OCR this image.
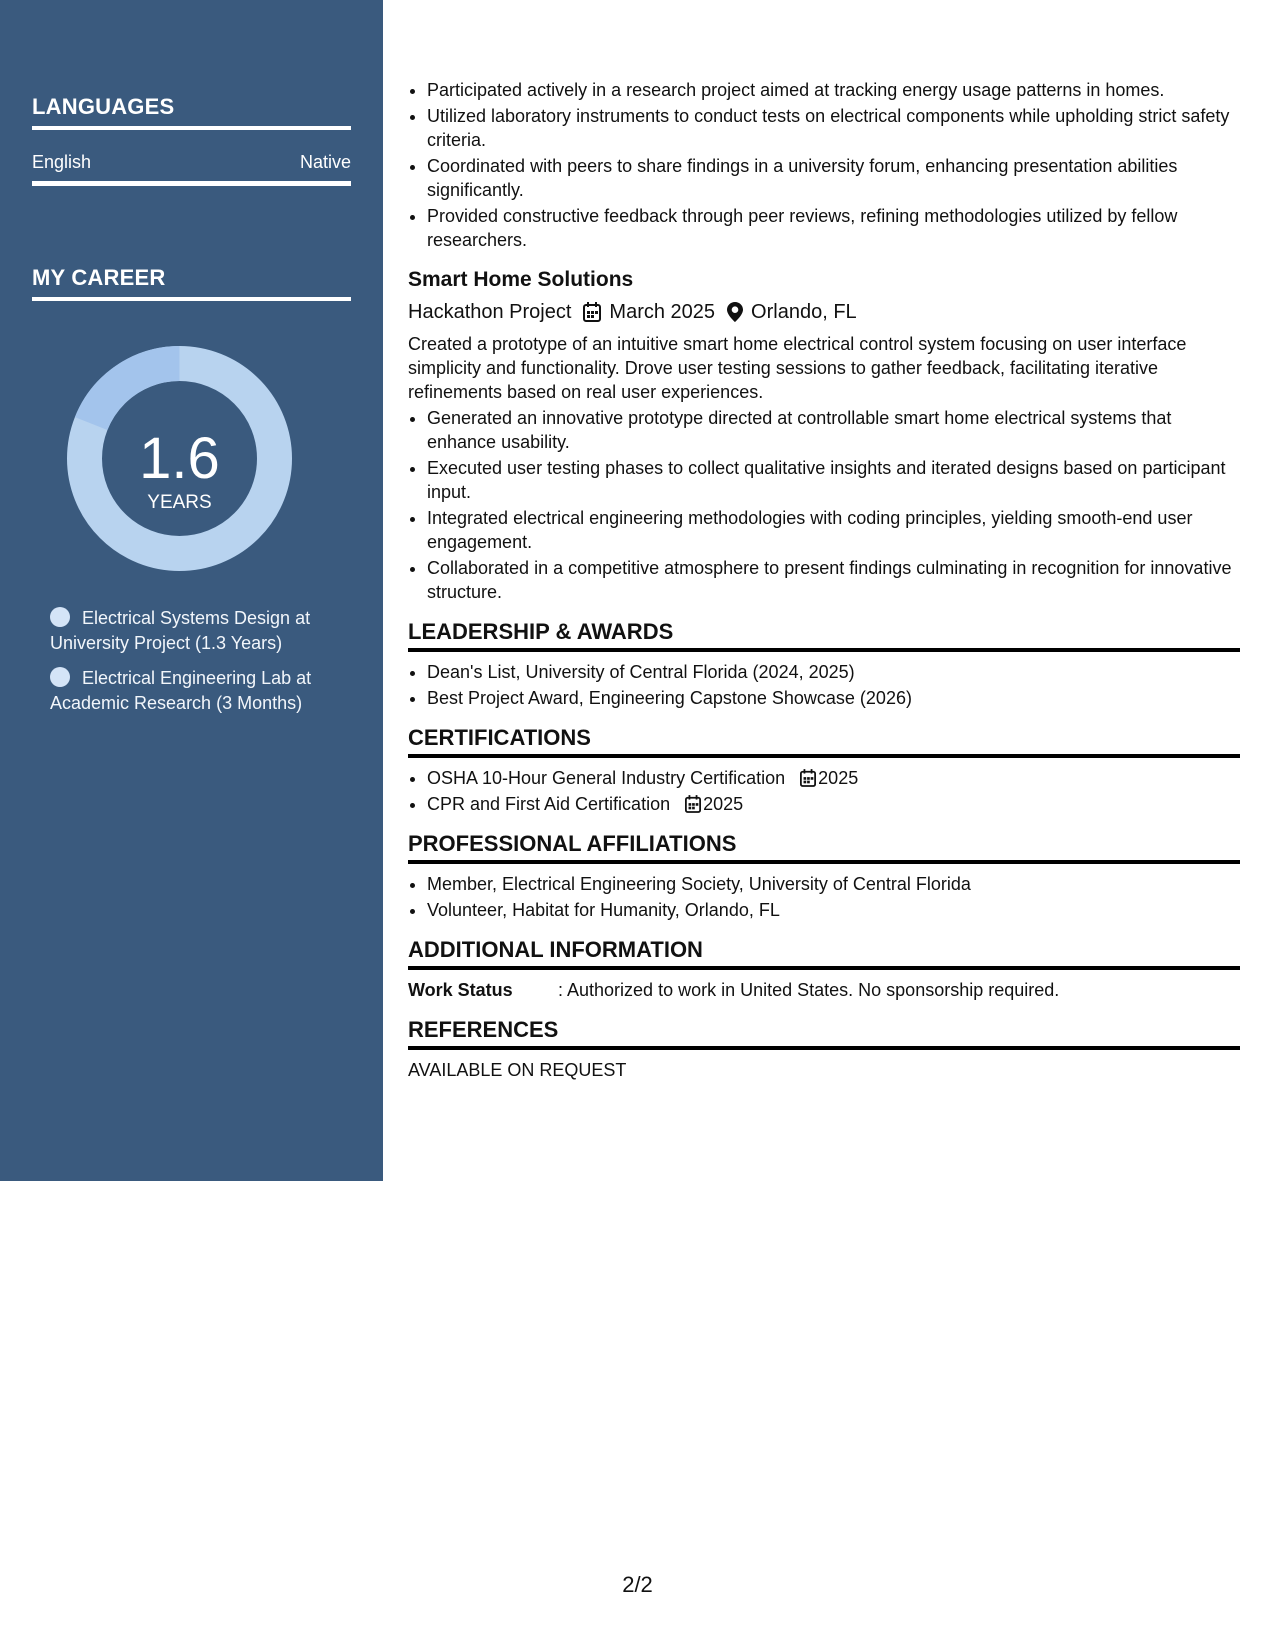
LANGUAGES
English	Native
MY CAREER
1.6
YEARS
Electrical Systems Design at University Project (1.3 Years)
Electrical Engineering Lab at Academic Research (3 Months)
• Participated actively in a research project aimed at tracking energy usage patterns in homes.
• Utilized laboratory instruments to conduct tests on electrical components while upholding strict safety criteria.
• Coordinated with peers to share findings in a university forum, enhancing presentation abilities significantly.
• Provided constructive feedback through peer reviews, refining methodologies utilized by fellow researchers.
Smart Home Solutions
Hackathon Project March 2025 Orlando, FL
Created a prototype of an intuitive smart home electrical control system focusing on user interface simplicity and functionality. Drove user testing sessions to gather feedback, facilitating iterative refinements based on real user experiences.
• Generated an innovative prototype directed at controllable smart home electrical systems that enhance usability.
• Executed user testing phases to collect qualitative insights and iterated designs based on participant input.
• Integrated electrical engineering methodologies with coding principles, yielding smooth-end user engagement.
• Collaborated in a competitive atmosphere to present findings culminating in recognition for innovative structure.
LEADERSHIP & AWARDS
• Dean's List, University of Central Florida (2024, 2025)
• Best Project Award, Engineering Capstone Showcase (2026)
CERTIFICATIONS
• OSHA 10-Hour General Industry Certification 2025
• CPR and First Aid Certification 2025
PROFESSIONAL AFFILIATIONS
• Member, Electrical Engineering Society, University of Central Florida
• Volunteer, Habitat for Humanity, Orlando, FL
ADDITIONAL INFORMATION
Work Status	: Authorized to work in United States. No sponsorship required.
REFERENCES
AVAILABLE ON REQUEST
2/2
